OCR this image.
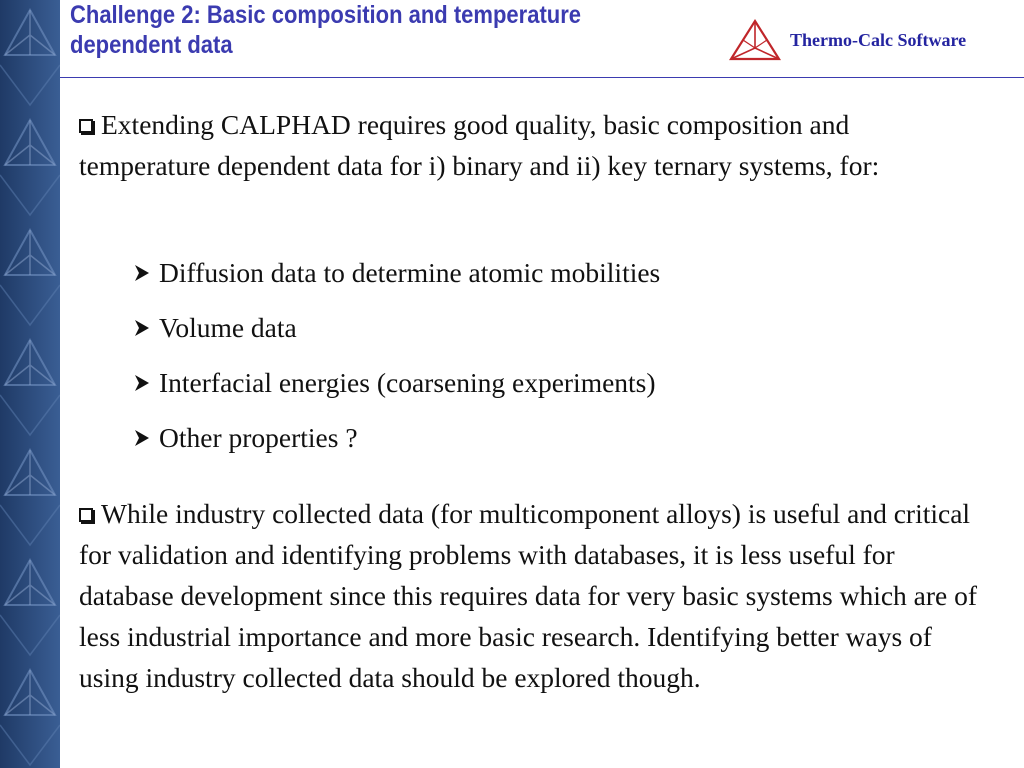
Challenge 2: Basic composition and temperature
dependent data	Thermo-Calc Software
Extending CALPHAD requires good quality, basic composition and temperature dependent data for i) binary and ii) key ternary systems, for:
Diffusion data to determine atomic mobilities
Volume data
Interfacial energies (coarsening experiments)
Other properties ?
While industry collected data (for multicomponent alloys) is useful and critical for validation and identifying problems with databases, it is less useful for database development since this requires data for very basic systems which are of less industrial importance and more basic research. Identifying better ways of using industry collected data should be explored though.
